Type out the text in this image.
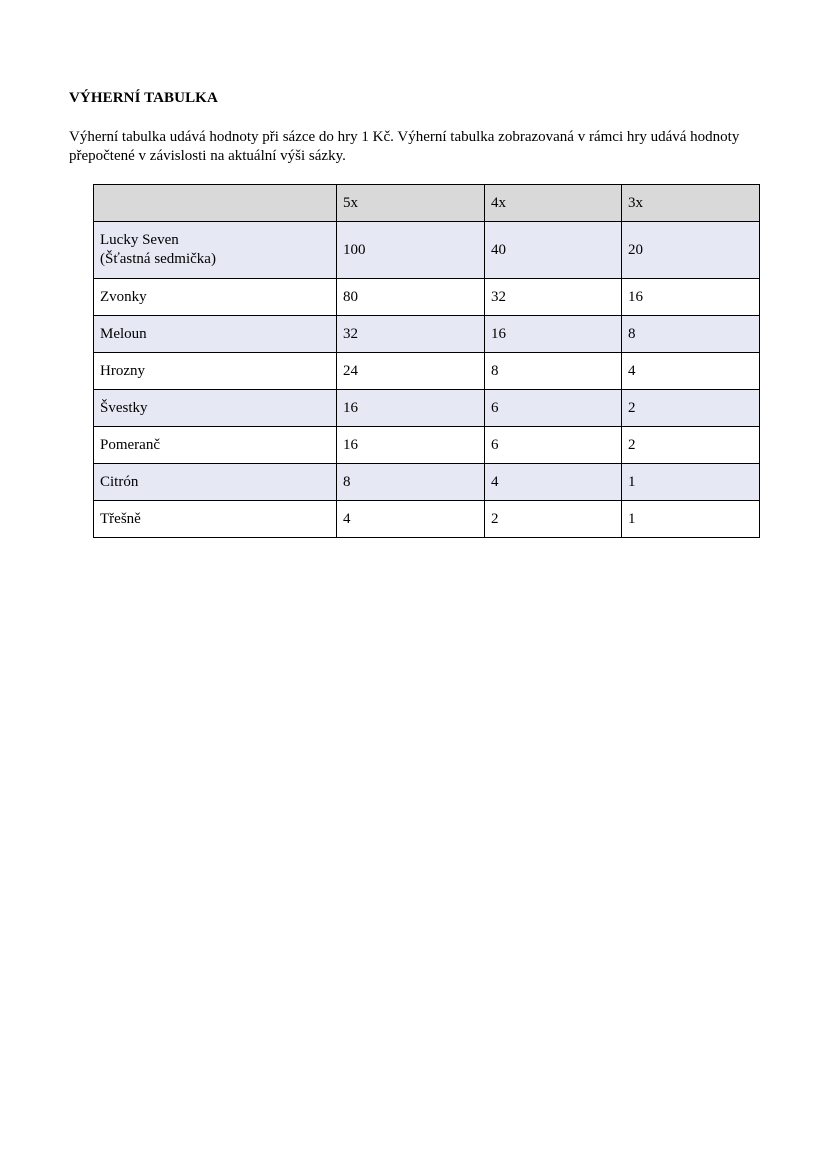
VÝHERNÍ TABULKA

Výherní tabulka udává hodnoty při sázce do hry 1 Kč. Výherní tabulka zobrazovaná v rámci hry udává hodnoty přepočtené v závislosti na aktuální výši sázky.

	5x	4x	3x

Lucky Seven
(Šťastná sedmička)	100	40	20
Zvonky	80	32	16
Meloun	32	16	8
Hrozny	24	8	4
Švestky	16	6	2
Pomeranč	16	6	2
Citrón	8	4	1
Třešně	4	2	1
